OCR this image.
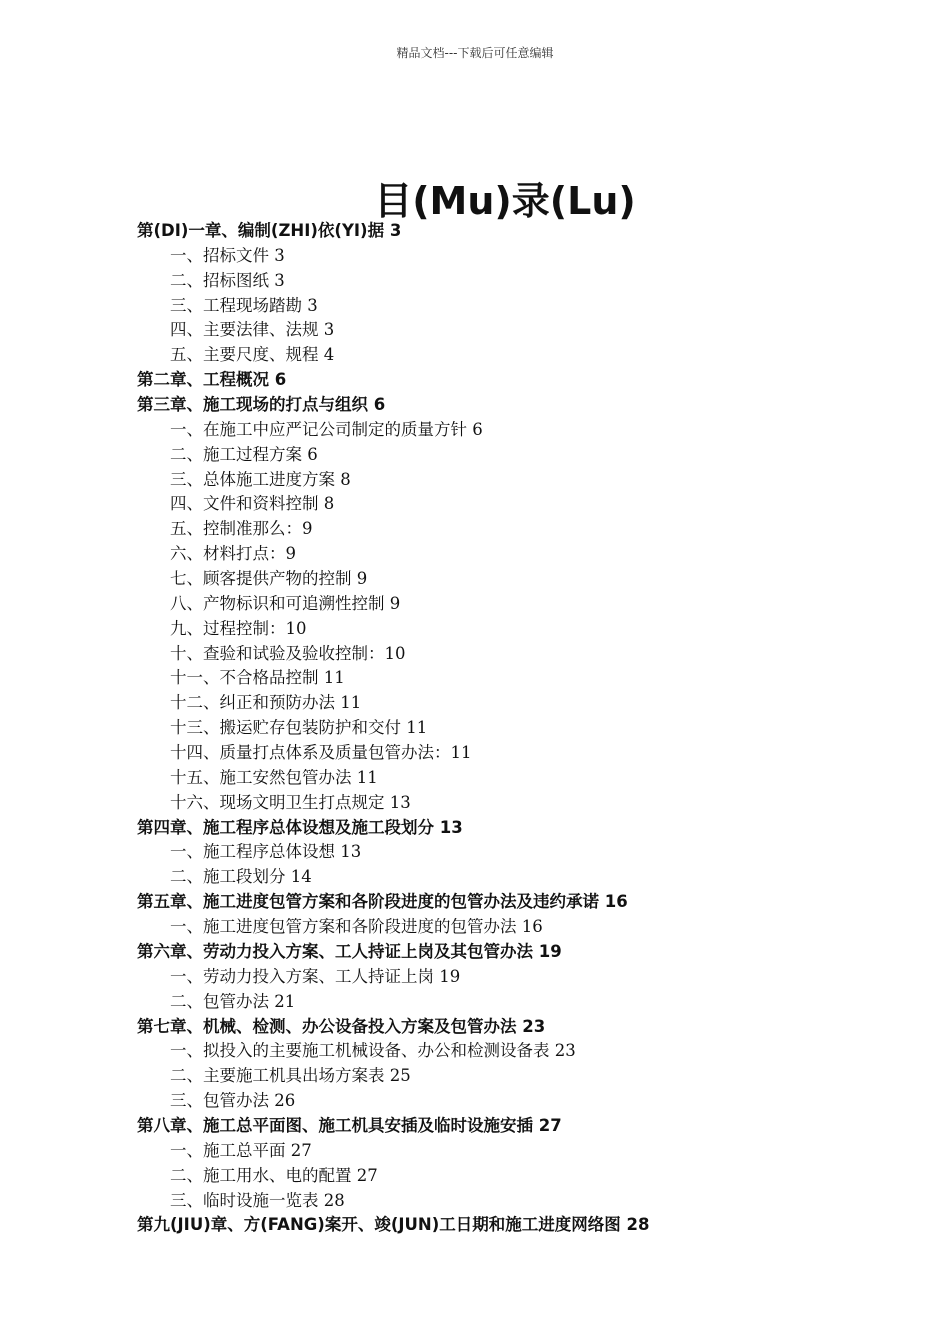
精品文档---下载后可任意编辑
目(Mu)录(Lu)
第(DI)一章、编制(ZHI)依(YI)据 3
一、招标文件 3
二、招标图纸 3
三、工程现场踏勘 3
四、主要法律、法规 3
五、主要尺度、规程 4
第二章、工程概况 6
第三章、施工现场的打点与组织 6
一、在施工中应严记公司制定的质量方针 6
二、施工过程方案 6
三、总体施工进度方案 8
四、文件和资料控制 8
五、控制准那么：9
六、材料打点：9
七、顾客提供产物的控制 9
八、产物标识和可追溯性控制 9
九、过程控制：10
十、查验和试验及验收控制：10
十一、不合格品控制 11
十二、纠正和预防办法 11
十三、搬运贮存包装防护和交付 11
十四、质量打点体系及质量包管办法：11
十五、施工安然包管办法 11
十六、现场文明卫生打点规定 13
第四章、施工程序总体设想及施工段划分 13
一、施工程序总体设想 13
二、施工段划分 14
第五章、施工进度包管方案和各阶段进度的包管办法及违约承诺 16
一、施工进度包管方案和各阶段进度的包管办法 16
第六章、劳动力投入方案、工人持证上岗及其包管办法 19
一、劳动力投入方案、工人持证上岗 19
二、包管办法 21
第七章、机械、检测、办公设备投入方案及包管办法 23
一、拟投入的主要施工机械设备、办公和检测设备表 23
二、主要施工机具出场方案表 25
三、包管办法 26
第八章、施工总平面图、施工机具安插及临时设施安插 27
一、施工总平面 27
二、施工用水、电的配置 27
三、临时设施一览表 28
第九(JIU)章、方(FANG)案开、竣(JUN)工日期和施工进度网络图 28
